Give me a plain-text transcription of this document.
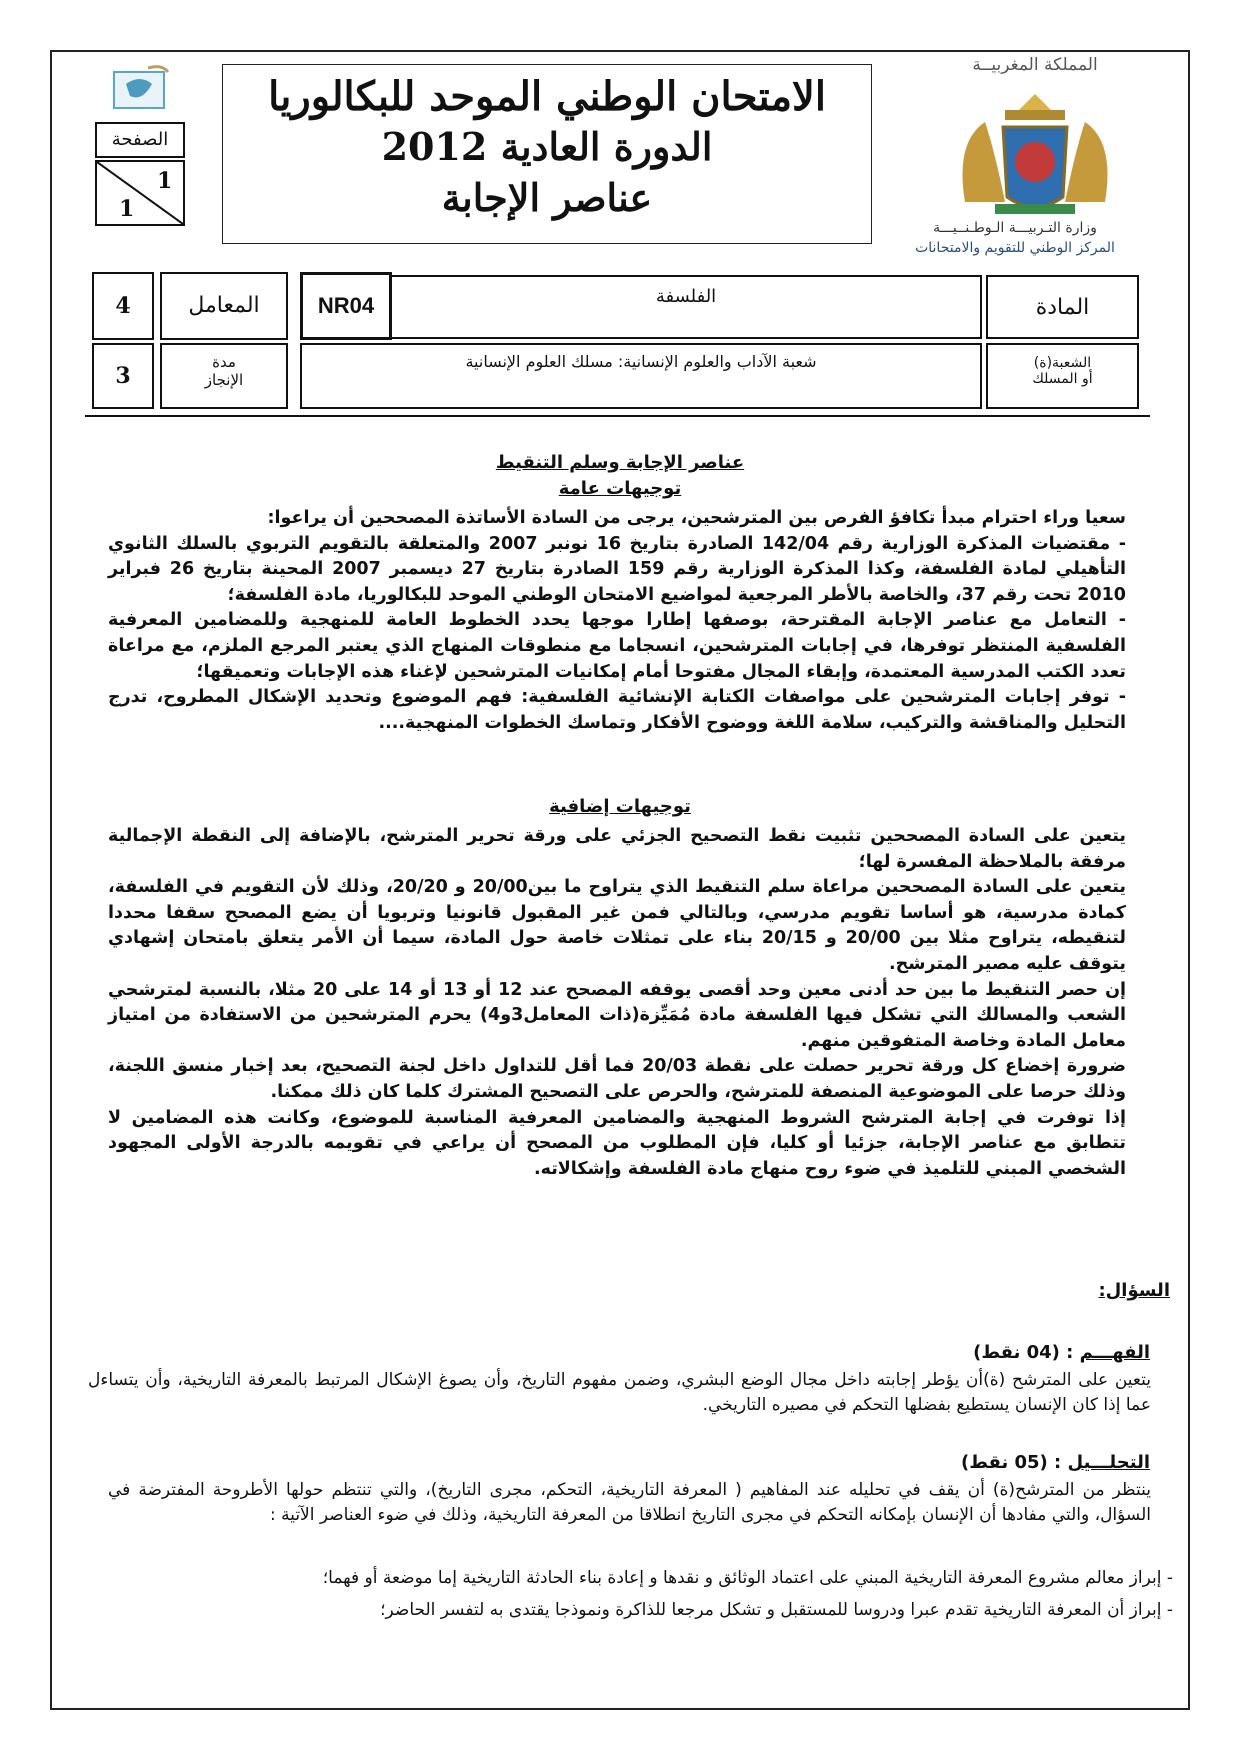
الصفحة
1
1
الامتحان الوطني الموحد للبكالوريا
الدورة العادية 2012
عناصر الإجابة
المملكة المغربيــة
وزارة التـربيـــة الـوطـنــيـــة
المركز الوطني للتقويم والامتحانات
المادة
الفلسفة
NR04
المعامل
4
الشعبة(ة)
أو المسلك
شعبة الآداب والعلوم الإنسانية: مسلك العلوم الإنسانية
مدة
الإنجاز
3
عناصر الإجابة وسلم التنقيط
توجيهات عامة

سعيا وراء احترام مبدأ تكافؤ الفرص بين المترشحين، يرجى من السادة الأساتذة المصححين أن يراعوا:

- مقتضيات المذكرة الوزارية رقم 142/04 الصادرة بتاريخ 16 نونبر 2007 والمتعلقة بالتقويم التربوي بالسلك الثانوي التأهيلي لمادة الفلسفة، وكذا المذكرة الوزارية رقم 159 الصادرة بتاريخ 27 ديسمبر 2007 المحينة بتاريخ 26 فبراير 2010 تحت رقم 37، والخاصة بالأطر المرجعية لمواضيع الامتحان الوطني الموحد للبكالوريا، مادة الفلسفة؛

- التعامل مع عناصر الإجابة المقترحة، بوصفها إطارا موجها يحدد الخطوط العامة للمنهجية وللمضامين المعرفية الفلسفية المنتظر توفرها، في إجابات المترشحين، انسجاما مع منطوقات المنهاج الذي يعتبر المرجع الملزم، مع مراعاة تعدد الكتب المدرسية المعتمدة، وإبقاء المجال مفتوحا أمام إمكانيات المترشحين لإغناء هذه الإجابات وتعميقها؛

- توفر إجابات المترشحين على مواصفات الكتابة الإنشائية الفلسفية: فهم الموضوع وتحديد الإشكال المطروح، تدرج التحليل والمناقشة والتركيب، سلامة اللغة ووضوح الأفكار وتماسك الخطوات المنهجية....

توجيهات إضافية

يتعين على السادة المصححين تثبيت نقط التصحيح الجزئي على ورقة تحرير المترشح، بالإضافة إلى النقطة الإجمالية مرفقة بالملاحظة المفسرة لها؛

يتعين على السادة المصححين مراعاة سلم التنقيط الذي يتراوح ما بين20/00 و 20/20، وذلك لأن التقويم في الفلسفة، كمادة مدرسية، هو أساسا تقويم مدرسي، وبالتالي فمن غير المقبول قانونيا وتربويا أن يضع المصحح سقفا محددا لتنقيطه، يتراوح مثلا بين 20/00 و 20/15 بناء على تمثلات خاصة حول المادة، سيما أن الأمر يتعلق بامتحان إشهادي يتوقف عليه مصير المترشح.

إن حصر التنقيط ما بين حد أدنى معين وحد أقصى يوقفه المصحح عند 12 أو 13 أو 14 على 20 مثلا، بالنسبة لمترشحي الشعب والمسالك التي تشكل فيها الفلسفة مادة مُمَيِّزة(ذات المعامل3و4) يحرم المترشحين من الاستفادة من امتياز معامل المادة وخاصة المتفوقين منهم.

ضرورة إخضاع كل ورقة تحرير حصلت على نقطة 20/03 فما أقل للتداول داخل لجنة التصحيح، بعد إخبار منسق اللجنة، وذلك حرصا على الموضوعية المنصفة للمترشح، والحرص على التصحيح المشترك كلما كان ذلك ممكنا.

إذا توفرت في إجابة المترشح الشروط المنهجية والمضامين المعرفية المناسبة للموضوع، وكانت هذه المضامين لا تتطابق مع عناصر الإجابة، جزئيا أو كليا، فإن المطلوب من المصحح أن يراعي في تقويمه بالدرجة الأولى المجهود الشخصي المبني للتلميذ في ضوء روح منهاج مادة الفلسفة وإشكالاته.

السؤال:
الفهـــم : (04 نقط)
يتعين على المترشح (ة)أن يؤطر إجابته داخل مجال الوضع البشري، وضمن مفهوم التاريخ، وأن يصوغ الإشكال المرتبط بالمعرفة التاريخية، وأن يتساءل عما إذا كان الإنسان يستطيع بفضلها التحكم في مصيره التاريخي.
التحلـــيل : (05 نقط)
ينتظر من المترشح(ة) أن يقف في تحليله عند المفاهيم ( المعرفة التاريخية، التحكم، مجرى التاريخ)، والتي تنتظم حولها الأطروحة المفترضة في السؤال، والتي مفادها أن الإنسان بإمكانه التحكم في مجرى التاريخ انطلاقا من المعرفة التاريخية، وذلك في ضوء العناصر الآتية :
- إبراز معالم مشروع المعرفة التاريخية المبني على اعتماد الوثائق و نقدها و إعادة بناء الحادثة التاريخية إما موضعة أو فهما؛
- إبراز أن المعرفة التاريخية تقدم عبرا ودروسا للمستقبل و تشكل مرجعا للذاكرة ونموذجا يقتدى به لتفسر الحاضر؛
